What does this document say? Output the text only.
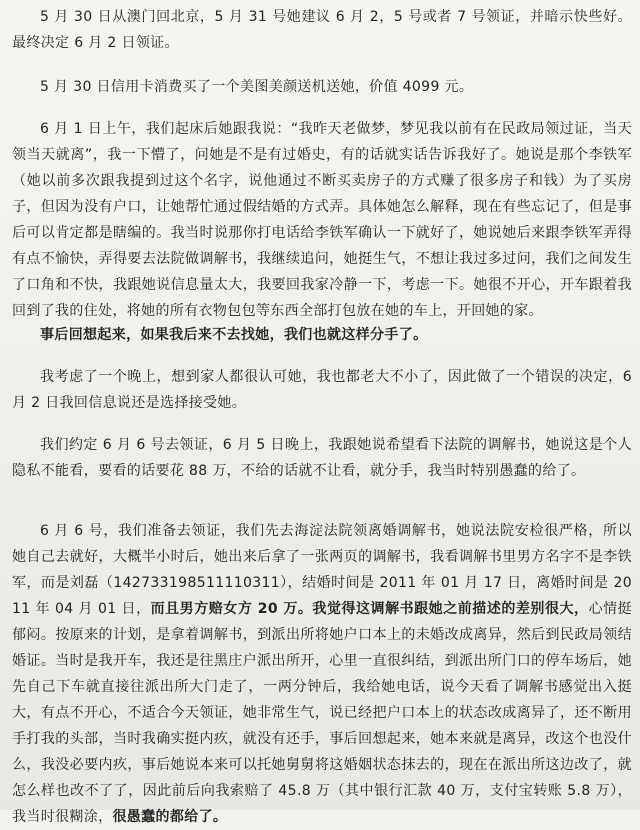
5 月 30 日从澳门回北京，5 月 31 号她建议 6 月 2，5 号或者 7 号领证，并暗示快些好。最终决定 6 月 2 日领证。

5 月 30 日信用卡消费买了一个美图美颜送机送她，价值 4099 元。

6 月 1 日上午，我们起床后她跟我说：“我昨天老做梦，梦见我以前有在民政局领过证，当天领当天就离”，我一下懵了，问她是不是有过婚史，有的话就实话告诉我好了。她说是那个李铁军（她以前多次跟我提到过这个名字，说他通过不断买卖房子的方式赚了很多房子和钱）为了买房子，但因为没有户口，让她帮忙通过假结婚的方式弄。具体她怎么解释，现在有些忘记了，但是事后可以肯定都是瞎编的。我当时说那你打电话给李铁军确认一下就好了，她说她后来跟李铁军弄得有点不愉快，弄得要去法院做调解书，我继续追问，她挺生气，不想让我过多过问，我们之间发生了口角和不快，我跟她说信息量太大，我要回我家冷静一下，考虑一下。她很不开心，开车跟着我回到了我的住处，将她的所有衣物包包等东西全部打包放在她的车上，开回她的家。

事后回想起来，如果我后来不去找她，我们也就这样分手了。

我考虑了一个晚上，想到家人都很认可她，我也都老大不小了，因此做了一个错误的决定，6 月 2 日我回信息说还是选择接受她。

我们约定 6 月 6 号去领证，6 月 5 日晚上，我跟她说希望看下法院的调解书，她说这是个人隐私不能看，要看的话要花 88 万，不给的话就不让看，就分手，我当时特别愚蠢的给了。

6 月 6 号，我们准备去领证，我们先去海淀法院领离婚调解书，她说法院安检很严格，所以她自己去就好，大概半小时后，她出来后拿了一张两页的调解书，我看调解书里男方名字不是李铁军，而是刘磊（142733198511110311），结婚时间是 2011 年 01 月 17 日，离婚时间是 2011 年 04 月 01 日，而且男方赔女方 20 万。我觉得这调解书跟她之前描述的差别很大，心情挺郁闷。按原来的计划，是拿着调解书，到派出所将她户口本上的未婚改成离异，然后到民政局领结婚证。当时是我开车，我还是往黑庄户派出所开，心里一直很纠结，到派出所门口的停车场后，她先自己下车就直接往派出所大门走了，一两分钟后，我给她电话，说今天看了调解书感觉出入挺大，有点不开心，不适合今天领证，她非常生气，说已经把户口本上的状态改成离异了，还不断用手打我的头部，当时我确实挺内疚，就没有还手，事后回想起来，她本来就是离异，改这个也没什么，我没必要内疚，事后她说本来可以托她舅舅将这婚姻状态抹去的，现在在派出所这边改了，就怎么样也改不了了，因此前后向我索赔了 45.8 万（其中银行汇款 40 万，支付宝转账 5.8 万），我当时很糊涂，很愚蠢的都给了。
